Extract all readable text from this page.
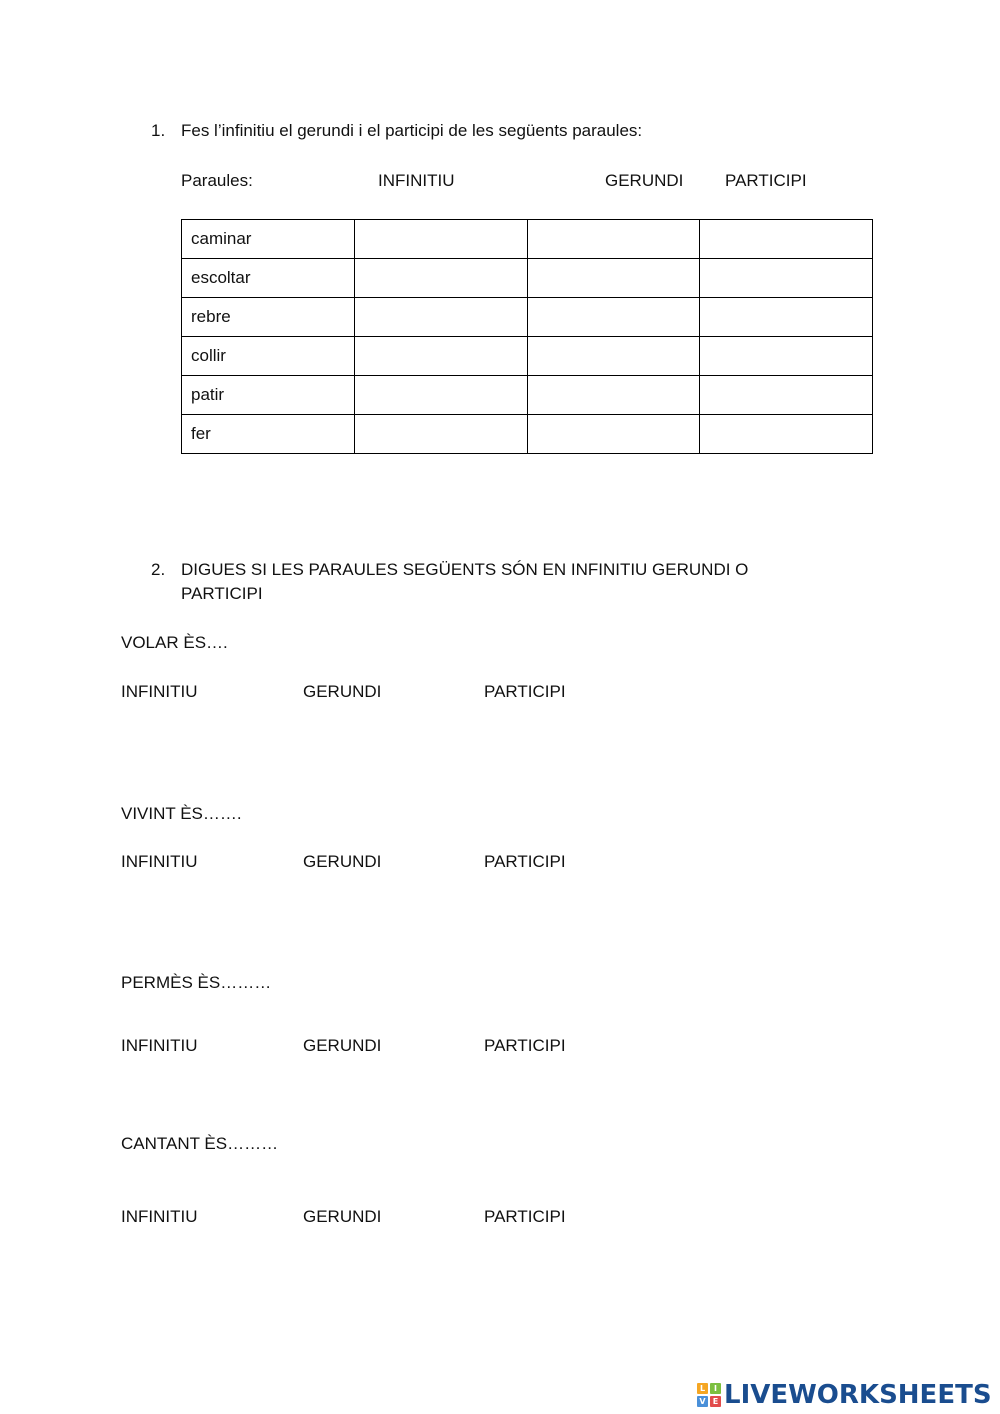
1. Fes l’infinitiu el gerundi i el participi de les següents paraules:
Paraules:	INFINITIU	GERUNDI PARTICIPI
caminar			
escoltar			
rebre			
collir			
patir			
fer			
2. DIGUES SI LES PARAULES SEGÜENTS SÓN EN INFINITIU GERUNDI O
PARTICIPI
VOLAR ÈS….
INFINITIU	GERUNDI	PARTICIPI
VIVINT ÈS…….
INFINITIU	GERUNDI	PARTICIPI
PERMÈS ÈS………
INFINITIU	GERUNDI	PARTICIPI
CANTANT ÈS………
INFINITIU	GERUNDI	PARTICIPI
L	I
V E LIVEWORKSHEETS
